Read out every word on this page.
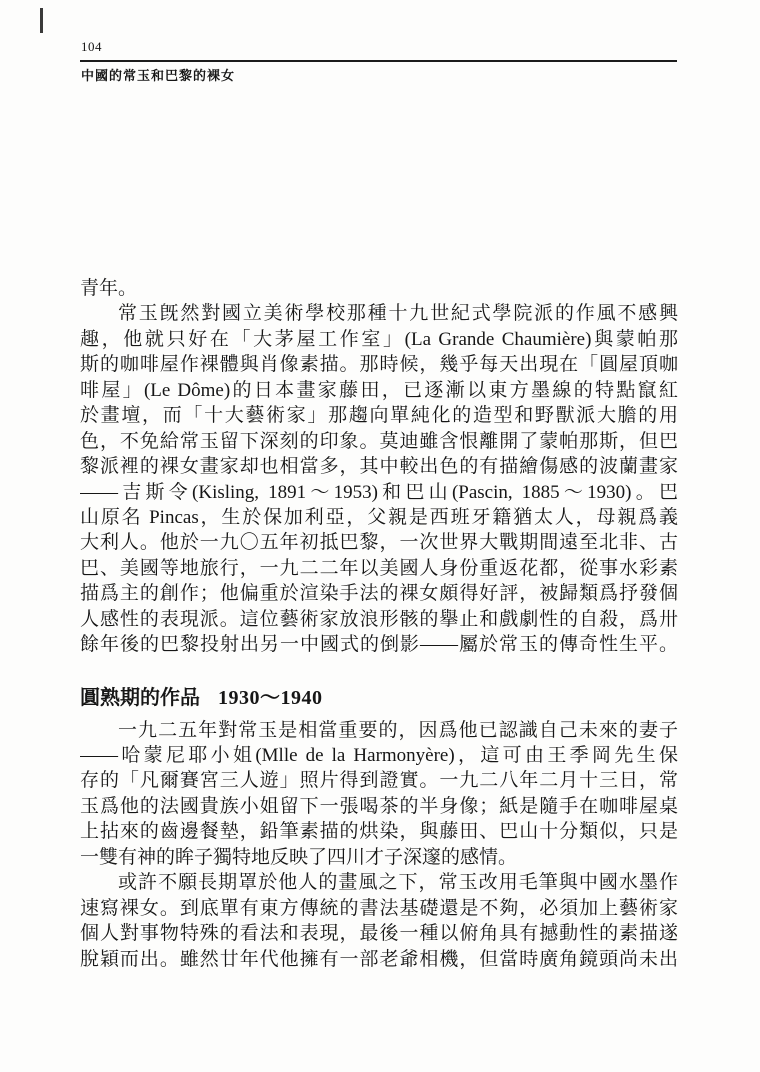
104
中國的常玉和巴黎的裸女
青年。
常玉旣然對國立美術學校那種十九世紀式學院派的作風不感興
趣，他就只好在「大茅屋工作室」(La Grande Chaumière)與蒙帕那
斯的咖啡屋作裸體與肖像素描。那時候，幾乎每天出現在「圓屋頂咖
啡屋」(Le Dôme)的日本畫家藤田，已逐漸以東方墨線的特點竄紅
於畫壇，而「十大藝術家」那趨向單純化的造型和野獸派大膽的用
色，不免給常玉留下深刻的印象。莫迪雖含恨離開了蒙帕那斯，但巴
黎派裡的裸女畫家却也相當多，其中較出色的有描繪傷感的波蘭畫家
——吉斯令(Kisling, 1891～1953)和巴山(Pascin, 1885～1930)。巴
山原名 Pincas，生於保加利亞，父親是西班牙籍猶太人，母親爲義
大利人。他於一九〇五年初抵巴黎，一次世界大戰期間遠至北非、古
巴、美國等地旅行，一九二二年以美國人身份重返花都，從事水彩素
描爲主的創作；他偏重於渲染手法的裸女頗得好評，被歸類爲抒發個
人感性的表現派。這位藝術家放浪形骸的擧止和戲劇性的自殺，爲卅
餘年後的巴黎投射出另一中國式的倒影——屬於常玉的傳奇性生平。
圓熟期的作品 1930～1940
一九二五年對常玉是相當重要的，因爲他已認識自己未來的妻子
——哈蒙尼耶小姐(Mlle de la Harmonyère)，這可由王季岡先生保
存的「凡爾賽宮三人遊」照片得到證實。一九二八年二月十三日，常
玉爲他的法國貴族小姐留下一張喝茶的半身像；紙是隨手在咖啡屋桌
上拈來的齒邊餐墊，鉛筆素描的烘染，與藤田、巴山十分類似，只是
一雙有神的眸子獨特地反映了四川才子深邃的感情。
或許不願長期罩於他人的畫風之下，常玉改用毛筆與中國水墨作
速寫裸女。到底單有東方傳統的書法基礎還是不夠，必須加上藝術家
個人對事物特殊的看法和表現，最後一種以俯角具有撼動性的素描遂
脫穎而出。雖然廿年代他擁有一部老爺相機，但當時廣角鏡頭尚未出
